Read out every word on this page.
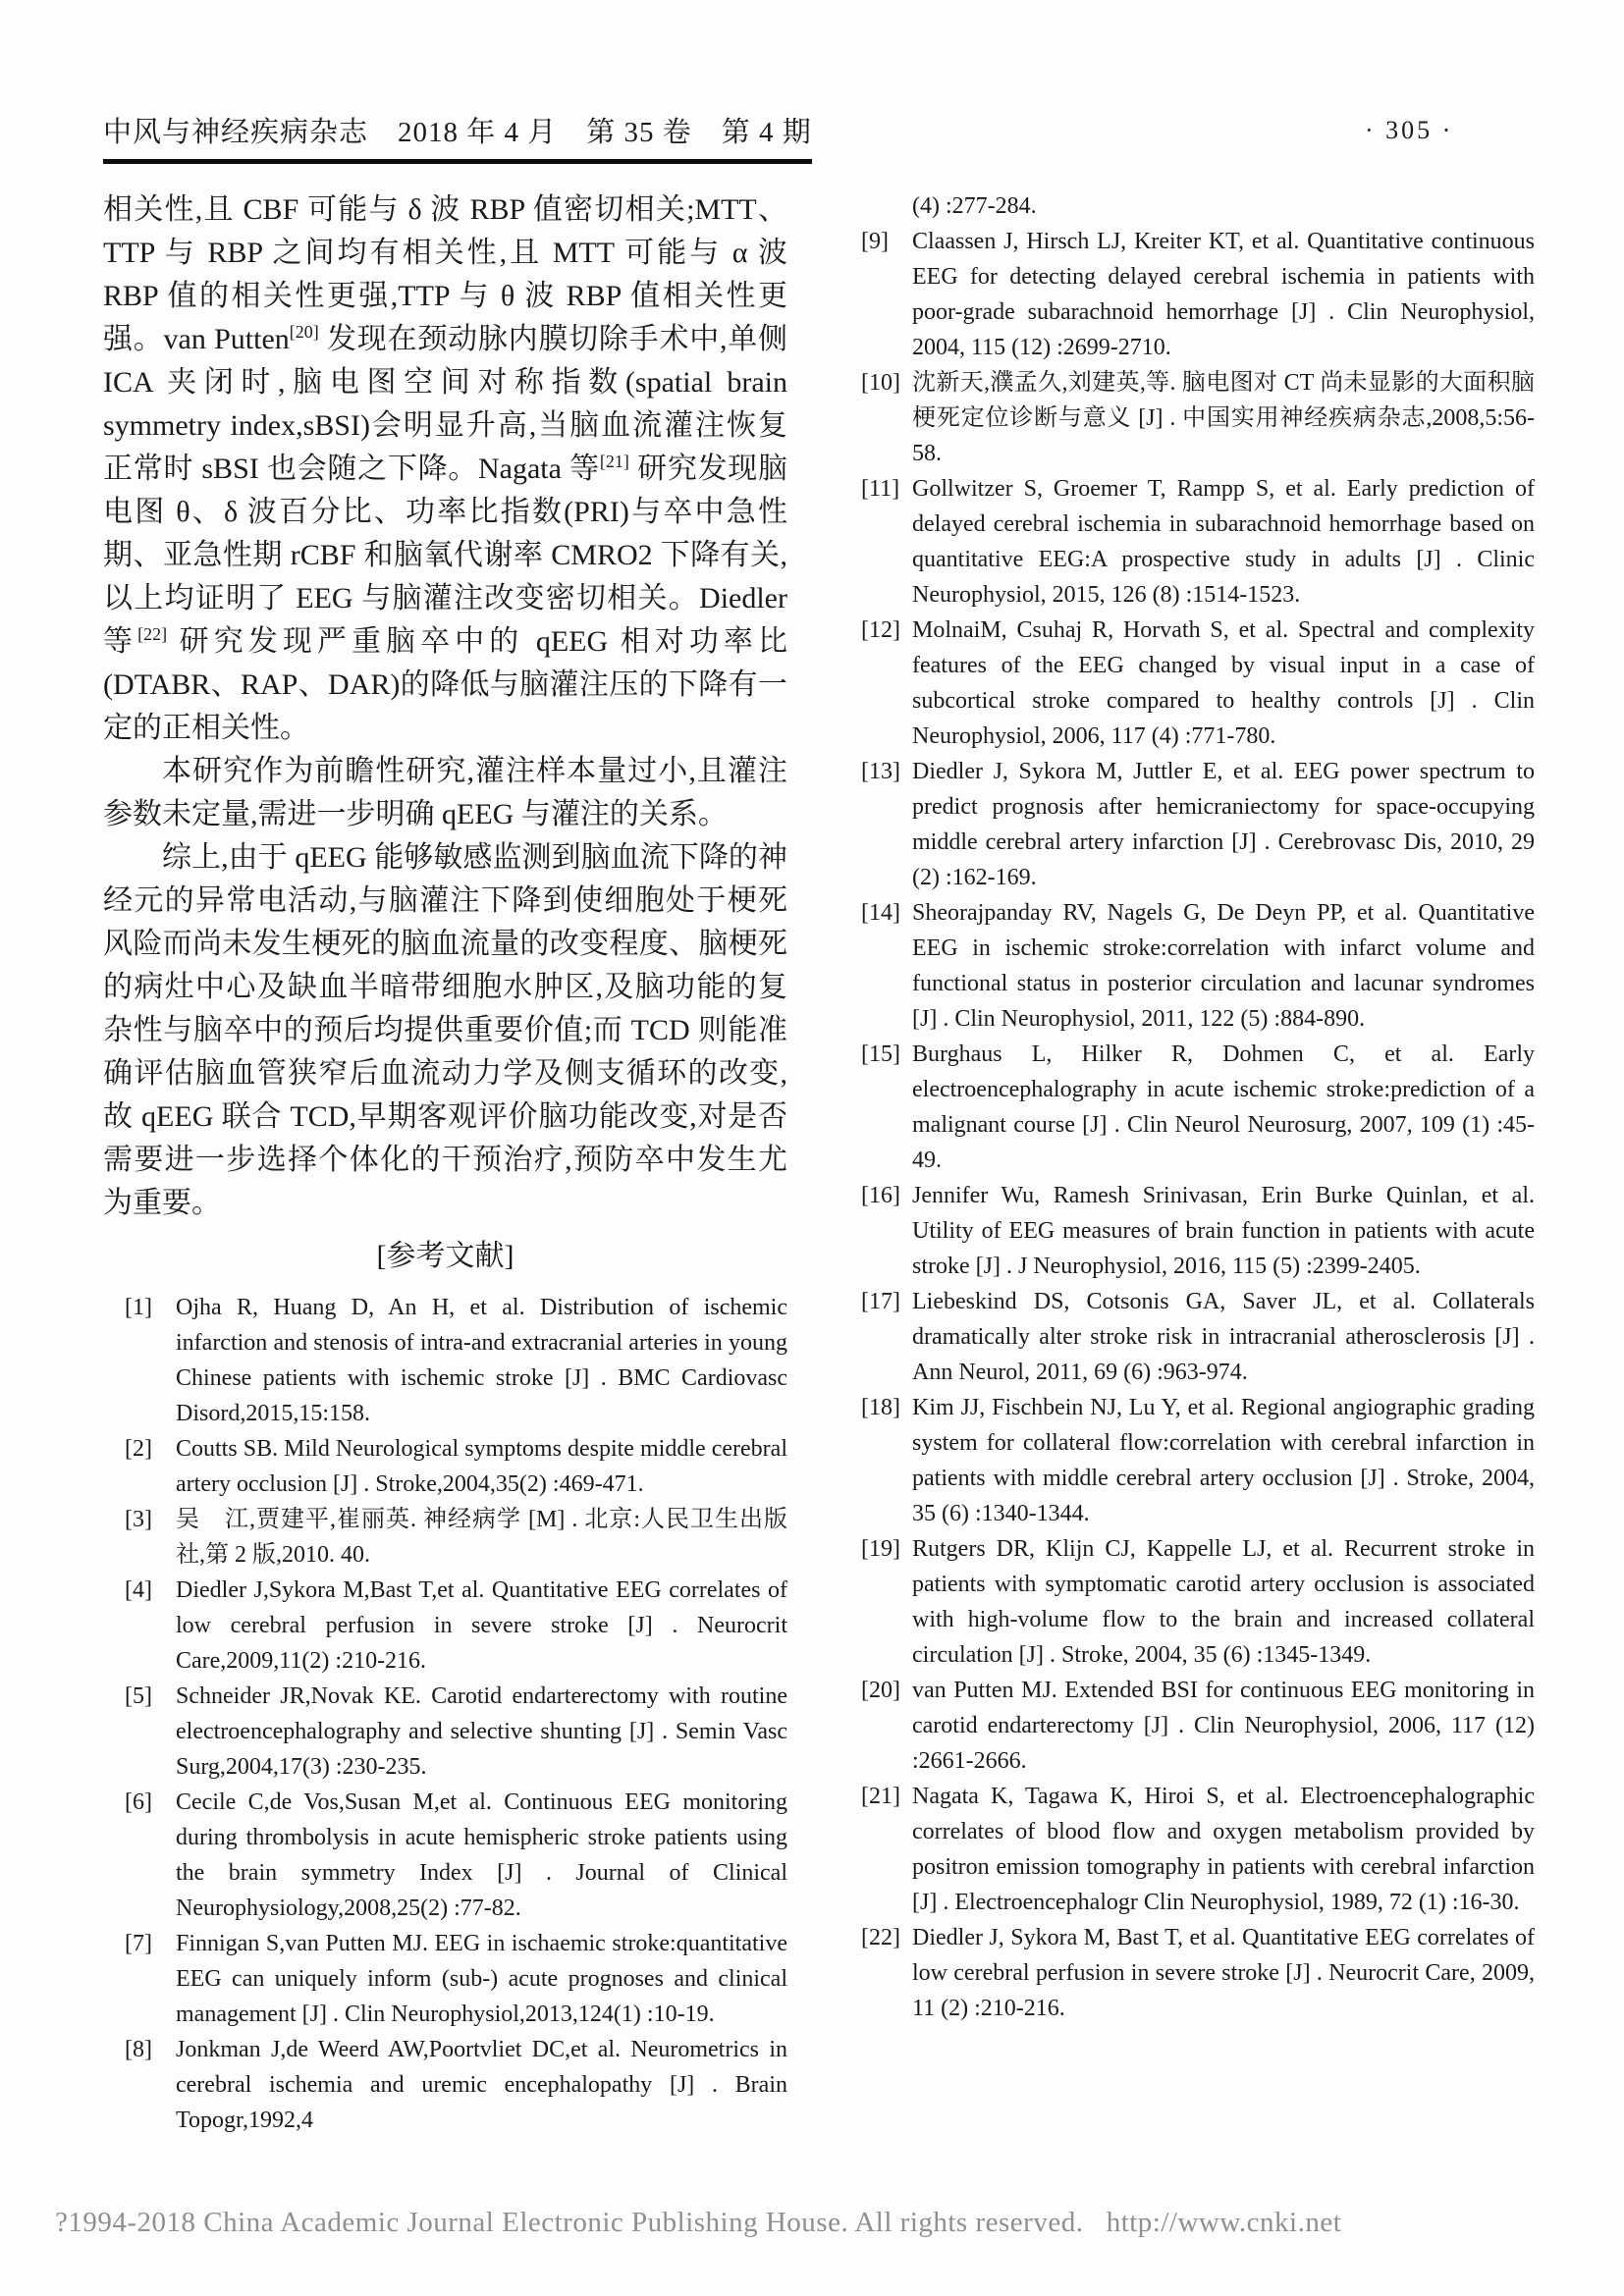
中风与神经疾病杂志　2018 年 4 月　第 35 卷　第 4 期	· 305 ·

相关性,且 CBF 可能与 δ 波 RBP 值密切相关;MTT、TTP 与 RBP 之间均有相关性,且 MTT 可能与 α 波 RBP 值的相关性更强,TTP 与 θ 波 RBP 值相关性更强。van Putten[20] 发现在颈动脉内膜切除手术中,单侧 ICA 夹闭时,脑电图空间对称指数(spatial brain symmetry index,sBSI)会明显升高,当脑血流灌注恢复正常时 sBSI 也会随之下降。Nagata 等[21] 研究发现脑电图 θ、δ 波百分比、功率比指数(PRI)与卒中急性期、亚急性期 rCBF 和脑氧代谢率 CMRO2 下降有关,以上均证明了 EEG 与脑灌注改变密切相关。Diedler 等[22] 研究发现严重脑卒中的 qEEG 相对功率比(DTABR、RAP、DAR)的降低与脑灌注压的下降有一定的正相关性。

本研究作为前瞻性研究,灌注样本量过小,且灌注参数未定量,需进一步明确 qEEG 与灌注的关系。

综上,由于 qEEG 能够敏感监测到脑血流下降的神经元的异常电活动,与脑灌注下降到使细胞处于梗死风险而尚未发生梗死的脑血流量的改变程度、脑梗死的病灶中心及缺血半暗带细胞水肿区,及脑功能的复杂性与脑卒中的预后均提供重要价值;而 TCD 则能准确评估脑血管狭窄后血流动力学及侧支循环的改变,故 qEEG 联合 TCD,早期客观评价脑功能改变,对是否需要进一步选择个体化的干预治疗,预防卒中发生尤为重要。

[参考文献]
[1]	Ojha R, Huang D, An H, et al. Distribution of ischemic infarction and stenosis of intra-and extracranial arteries in young Chinese patients with ischemic stroke [J] . BMC Cardiovasc Disord,2015,15:158.
[2]	Coutts SB. Mild Neurological symptoms despite middle cerebral artery occlusion [J] . Stroke,2004,35(2) :469-471.
[3]	吴　江,贾建平,崔丽英. 神经病学 [M] . 北京:人民卫生出版社,第 2 版,2010. 40.
[4]	Diedler J,Sykora M,Bast T,et al. Quantitative EEG correlates of low cerebral perfusion in severe stroke [J] . Neurocrit Care,2009,11(2) :210-216.
[5]	Schneider JR,Novak KE. Carotid endarterectomy with routine electroencephalography and selective shunting [J] . Semin Vasc Surg,2004,17(3) :230-235.
[6]	Cecile C,de Vos,Susan M,et al. Continuous EEG monitoring during thrombolysis in acute hemispheric stroke patients using the brain symmetry Index [J] . Journal of Clinical Neurophysiology,2008,25(2) :77-82.
[7]	Finnigan S,van Putten MJ. EEG in ischaemic stroke:quantitative EEG can uniquely inform (sub-) acute prognoses and clinical management [J] . Clin Neurophysiol,2013,124(1) :10-19.
[8]	Jonkman J,de Weerd AW,Poortvliet DC,et al. Neurometrics in cerebral ischemia and uremic encephalopathy [J] . Brain Topogr,1992,4
(4) :277-284.
[9]	Claassen J, Hirsch LJ, Kreiter KT, et al. Quantitative continuous EEG for detecting delayed cerebral ischemia in patients with poor-grade subarachnoid hemorrhage [J] . Clin Neurophysiol, 2004, 115 (12) :2699-2710.
[10] 沈新天,濮孟久,刘建英,等. 脑电图对 CT 尚未显影的大面积脑梗死定位诊断与意义 [J] . 中国实用神经疾病杂志,2008,5:56-58.
[11] Gollwitzer S, Groemer T, Rampp S, et al. Early prediction of delayed cerebral ischemia in subarachnoid hemorrhage based on quantitative EEG:A prospective study in adults [J] . Clinic Neurophysiol, 2015, 126 (8) :1514-1523.
[12] MolnaiM, Csuhaj R, Horvath S, et al. Spectral and complexity features of the EEG changed by visual input in a case of subcortical stroke compared to healthy controls [J] . Clin Neurophysiol, 2006, 117 (4) :771-780.
[13] Diedler J, Sykora M, Juttler E, et al. EEG power spectrum to predict prognosis after hemicraniectomy for space-occupying middle cerebral artery infarction [J] . Cerebrovasc Dis, 2010, 29 (2) :162-169.
[14] Sheorajpanday RV, Nagels G, De Deyn PP, et al. Quantitative EEG in ischemic stroke:correlation with infarct volume and functional status in posterior circulation and lacunar syndromes [J] . Clin Neurophysiol, 2011, 122 (5) :884-890.
[15] Burghaus L, Hilker R, Dohmen C, et al. Early electroencephalography in acute ischemic stroke:prediction of a malignant course [J] . Clin Neurol Neurosurg, 2007, 109 (1) :45-49.
[16] Jennifer Wu, Ramesh Srinivasan, Erin Burke Quinlan, et al. Utility of EEG measures of brain function in patients with acute stroke [J] . J Neurophysiol, 2016, 115 (5) :2399-2405.
[17] Liebeskind DS, Cotsonis GA, Saver JL, et al. Collaterals dramatically alter stroke risk in intracranial atherosclerosis [J] . Ann Neurol, 2011, 69 (6) :963-974.
[18] Kim JJ, Fischbein NJ, Lu Y, et al. Regional angiographic grading system for collateral flow:correlation with cerebral infarction in patients with middle cerebral artery occlusion [J] . Stroke, 2004, 35 (6) :1340-1344.
[19] Rutgers DR, Klijn CJ, Kappelle LJ, et al. Recurrent stroke in patients with symptomatic carotid artery occlusion is associated with high-volume flow to the brain and increased collateral circulation [J] . Stroke, 2004, 35 (6) :1345-1349.
[20] van Putten MJ. Extended BSI for continuous EEG monitoring in carotid endarterectomy [J] . Clin Neurophysiol, 2006, 117 (12) :2661-2666.
[21] Nagata K, Tagawa K, Hiroi S, et al. Electroencephalographic correlates of blood flow and oxygen metabolism provided by positron emission tomography in patients with cerebral infarction [J] . Electroencephalogr Clin Neurophysiol, 1989, 72 (1) :16-30.
[22] Diedler J, Sykora M, Bast T, et al. Quantitative EEG correlates of low cerebral perfusion in severe stroke [J] . Neurocrit Care, 2009, 11 (2) :210-216.
?1994-2018 China Academic Journal Electronic Publishing House. All rights reserved.   http://www.cnki.net
